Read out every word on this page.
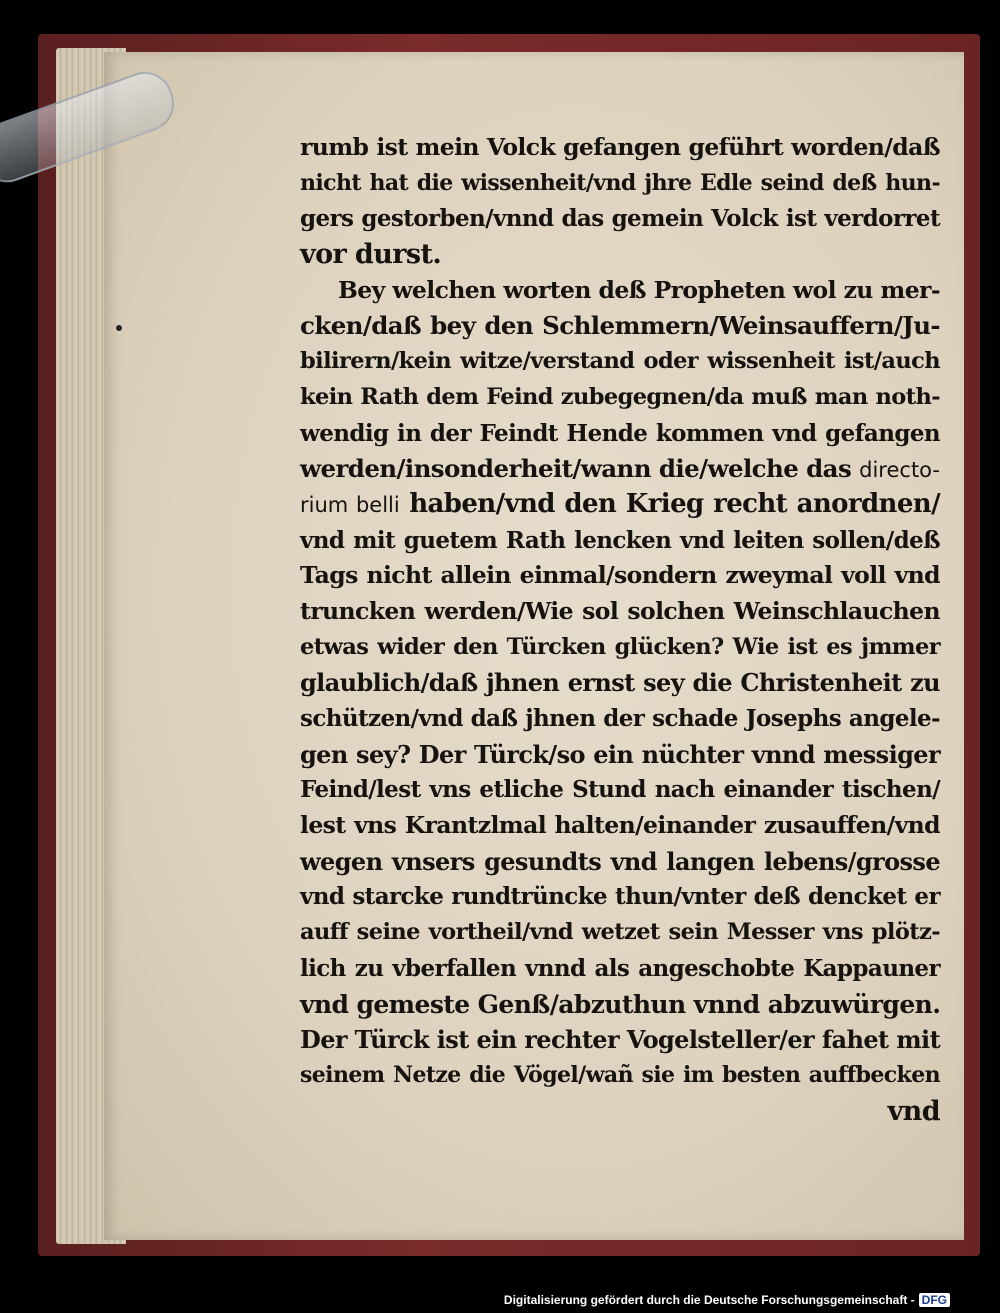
rumb ist mein Volck gefangen geführt worden/daß
nicht hat die wissenheit/vnd jhre Edle seind deß hun-
gers gestorben/vnnd das gemein Volck ist verdorret
vor durst.
Bey welchen worten deß Propheten wol zu mer-
cken/daß bey den Schlemmern/Weinsauffern/Ju-
bilirern/kein witze/verstand oder wissenheit ist/auch
kein Rath dem Feind zubegegnen/da muß man noth-
wendig in der Feindt Hende kommen vnd gefangen
werden/insonderheit/wann die/welche das directo-
rium belli haben/vnd den Krieg recht anordnen/
vnd mit guetem Rath lencken vnd leiten sollen/deß
Tags nicht allein einmal/sondern zweymal voll vnd
truncken werden/Wie sol solchen Weinschlauchen
etwas wider den Türcken glücken? Wie ist es jmmer
glaublich/daß jhnen ernst sey die Christenheit zu
schützen/vnd daß jhnen der schade Josephs angele-
gen sey? Der Türck/so ein nüchter vnnd messiger
Feind/lest vns etliche Stund nach einander tischen/
lest vns Krantzlmal halten/einander zusauffen/vnd
wegen vnsers gesundts vnd langen lebens/grosse
vnd starcke rundtrüncke thun/vnter deß dencket er
auff seine vortheil/vnd wetzet sein Messer vns plötz-
lich zu vberfallen vnnd als angeschobte Kappauner
vnd gemeste Genß/abzuthun vnnd abzuwürgen.
Der Türck ist ein rechter Vogelsteller/er fahet mit
seinem Netze die Vögel/wañ sie im besten auffbecken
vnd
Digitalisierung gefördert durch die Deutsche Forschungsgemeinschaft - DFG
